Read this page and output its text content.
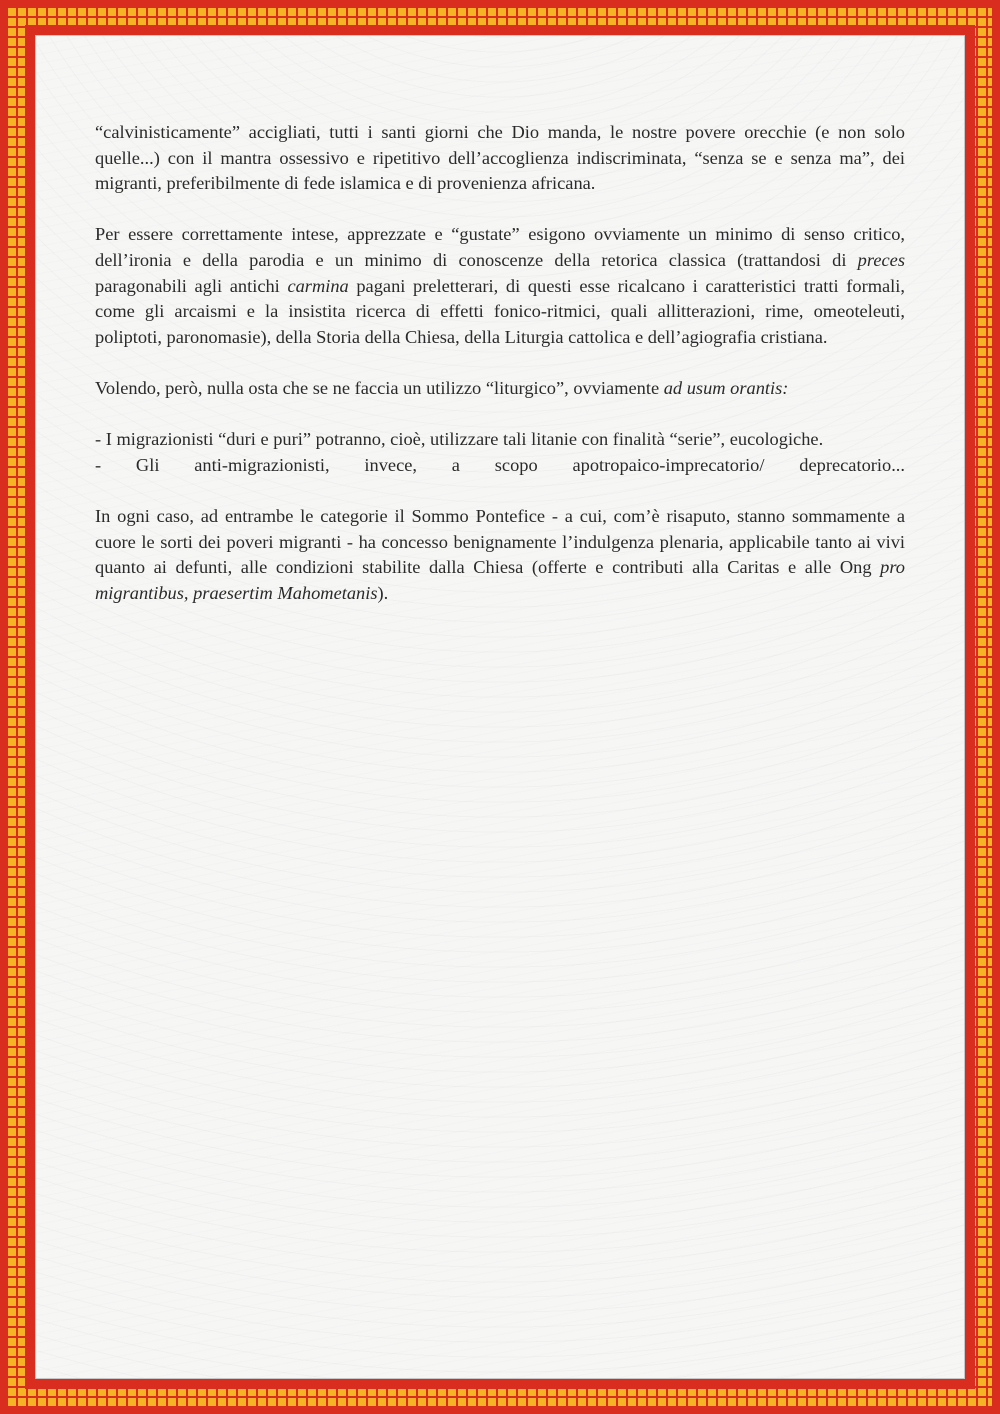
“calvinisticamente” accigliati, tutti i santi giorni che Dio manda, le nostre povere orecchie (e non solo quelle...) con il mantra ossessivo e ripetitivo dell’accoglienza indiscriminata, “senza se e senza ma”, dei migranti, preferibilmente di fede islamica e di provenienza africana.

Per essere correttamente intese, apprezzate e “gustate” esigono ovviamente un minimo di senso critico, dell’ironia e della parodia e un minimo di conoscenze della retorica classica (trattandosi di preces paragonabili agli antichi carmina pagani preletterari, di questi esse ricalcano i caratteristici tratti formali, come gli arcaismi e la insistita ricerca di effetti fonico-ritmici, quali allitterazioni, rime, omeoteleuti, poliptoti, paronomasie), della Storia della Chiesa, della Liturgia cattolica e dell’agiografia cristiana.

Volendo, però, nulla osta che se ne faccia un utilizzo “liturgico”, ovviamente ad usum orantis:

- I migrazionisti “duri e puri” potranno, cioè, utilizzare tali litanie con finalità “serie”, eucologiche.

- Gli anti-migrazionisti, invece, a scopo apotropaico-imprecatorio/ deprecatorio...

In ogni caso, ad entrambe le categorie il Sommo Pontefice - a cui, com’è risaputo, stanno sommamente a cuore le sorti dei poveri migranti - ha concesso benignamente l’indulgenza plenaria, applicabile tanto ai vivi quanto ai defunti, alle condizioni stabilite dalla Chiesa (offerte e contributi alla Caritas e alle Ong pro migrantibus, praesertim Mahometanis).
